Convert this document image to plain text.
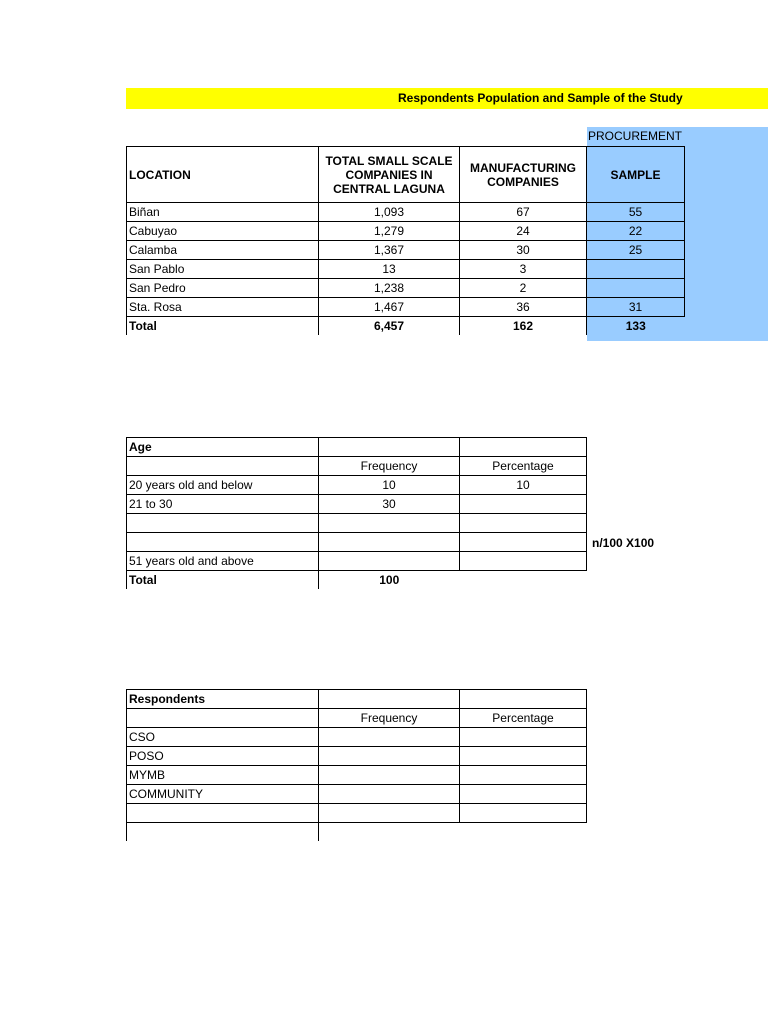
Respondents Population and Sample of the Study
PROCUREMENT
LOCATION	TOTAL SMALL SCALE COMPANIES IN CENTRAL LAGUNA	MANUFACTURING COMPANIES	SAMPLE
Biñan	1,093	67	55
Cabuyao	1,279	24	22
Calamba	1,367	30	25
San Pablo	13	3	
San Pedro	1,238	2	
Sta. Rosa	1,467	36	31
Total	6,457	162	133
Age		
	Frequency	Percentage
20 years old and below	10	10
21 to 30	30	

51 years old and above		
Total	100	
n/100 X100
Respondents		
	Frequency	Percentage
CSO		
POSO		
MYMB		
COMMUNITY		
